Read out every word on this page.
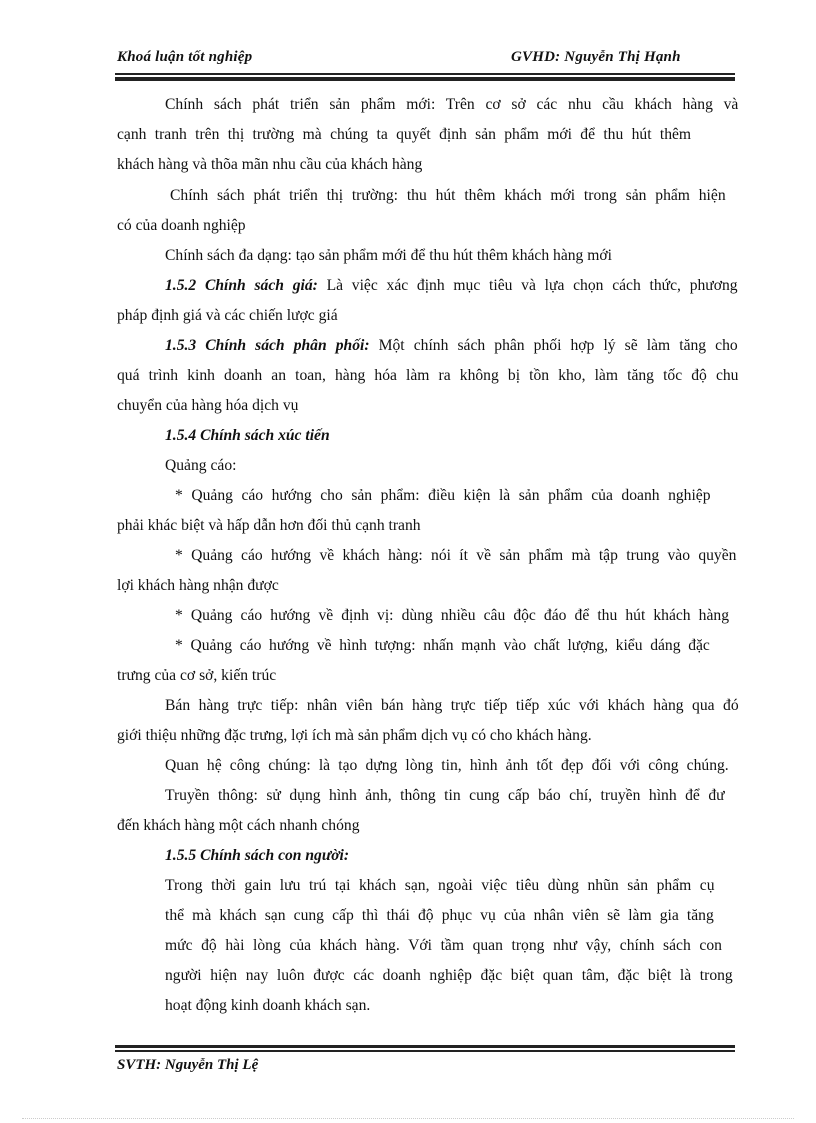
Khoá luận tốt nghiệp	GVHD: Nguyễn Thị Hạnh
Chính sách phát triển sản phẩm mới: Trên cơ sở các nhu cầu khách hàng và
cạnh tranh trên thị trường mà chúng ta quyết định sản phẩm mới để thu hút thêm
khách hàng và thõa mãn nhu cầu của khách hàng
Chính sách phát triển thị trường: thu hút thêm khách mới trong sản phẩm hiện
có của doanh nghiệp
Chính sách đa dạng: tạo sản phẩm mới để thu hút thêm khách hàng mới
1.5.2 Chính sách giá: Là việc xác định mục tiêu và lựa chọn cách thức, phương
pháp định giá và các chiến lược giá
1.5.3 Chính sách phân phối: Một chính sách phân phối hợp lý sẽ làm tăng cho
quá trình kinh doanh an toan, hàng hóa làm ra không bị tồn kho, làm tăng tốc độ chu
chuyển của hàng hóa dịch vụ
1.5.4 Chính sách xúc tiến
Quảng cáo:
* Quảng cáo hướng cho sản phẩm: điều kiện là sản phẩm của doanh nghiệp
phải khác biệt và hấp dẫn hơn đối thủ cạnh tranh
* Quảng cáo hướng về khách hàng: nói ít về sản phẩm mà tập trung vào quyền
lợi khách hàng nhận được
* Quảng cáo hướng về định vị: dùng nhiều câu độc đáo để thu hút khách hàng
* Quảng cáo hướng về hình tượng: nhấn mạnh vào chất lượng, kiểu dáng đặc
trưng của cơ sở, kiến trúc
Bán hàng trực tiếp: nhân viên bán hàng trực tiếp tiếp xúc với khách hàng qua đó
giới thiệu những đặc trưng, lợi ích mà sản phẩm dịch vụ có cho khách hàng.
Quan hệ công chúng: là tạo dựng lòng tin, hình ảnh tốt đẹp đối với công chúng.
Truyền thông: sử dụng hình ảnh, thông tin cung cấp báo chí, truyền hình để đư
đến khách hàng một cách nhanh chóng
1.5.5 Chính sách con người:
Trong thời gain lưu trú tại khách sạn, ngoài việc tiêu dùng nhũn sản phẩm cụ
thể mà khách sạn cung cấp thì thái độ phục vụ của nhân viên sẽ làm gia tăng
mức độ hài lòng của khách hàng. Với tầm quan trọng như vậy, chính sách con
người hiện nay luôn được các doanh nghiệp đặc biệt quan tâm, đặc biệt là trong
hoạt động kinh doanh khách sạn.
SVTH: Nguyễn Thị Lệ
